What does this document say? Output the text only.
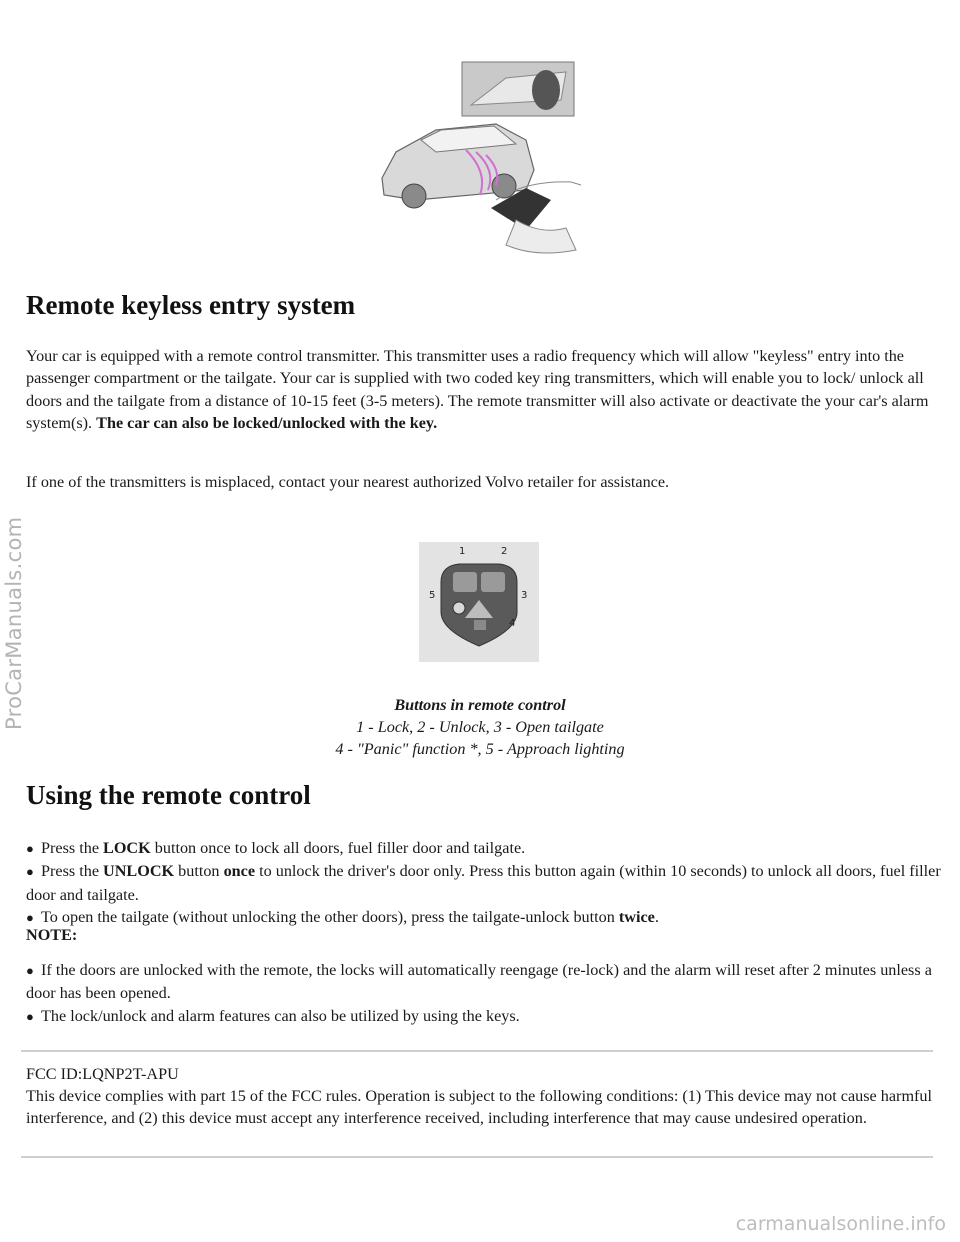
Remote keyless entry system

Your car is equipped with a remote control transmitter. This transmitter uses a radio frequency which will allow "keyless" entry into the passenger compartment or the tailgate. Your car is supplied with two coded key ring transmitters, which will enable you to lock/ unlock all doors and the tailgate from a distance of 10-15 feet (3-5 meters). The remote transmitter will also activate or deactivate the your car's alarm system(s). The car can also be locked/unlocked with the key.

If one of the transmitters is misplaced, contact your nearest authorized Volvo retailer for assistance.

1	2
3
4
5
Buttons in remote control
1 - Lock, 2 - Unlock, 3 - Open tailgate
4 - "Panic" function *, 5 - Approach lighting
Using the remote control
● Press the LOCK button once to lock all doors, fuel filler door and tailgate.
● Press the UNLOCK button once to unlock the driver's door only. Press this button again (within 10 seconds) to unlock all doors, fuel filler door and tailgate.
● To open the tailgate (without unlocking the other doors), press the tailgate-unlock button twice.

NOTE:

● If the doors are unlocked with the remote, the locks will automatically reengage (re-lock) and the alarm will reset after 2 minutes unless a door has been opened.
● The lock/unlock and alarm features can also be utilized by using the keys.

FCC ID:LQNP2T-APU

This device complies with part 15 of the FCC rules. Operation is subject to the following conditions: (1) This device may not cause harmful interference, and (2) this device must accept any interference received, including interference that may cause undesired operation.

ProCarManuals.com
carmanualsonline.info
